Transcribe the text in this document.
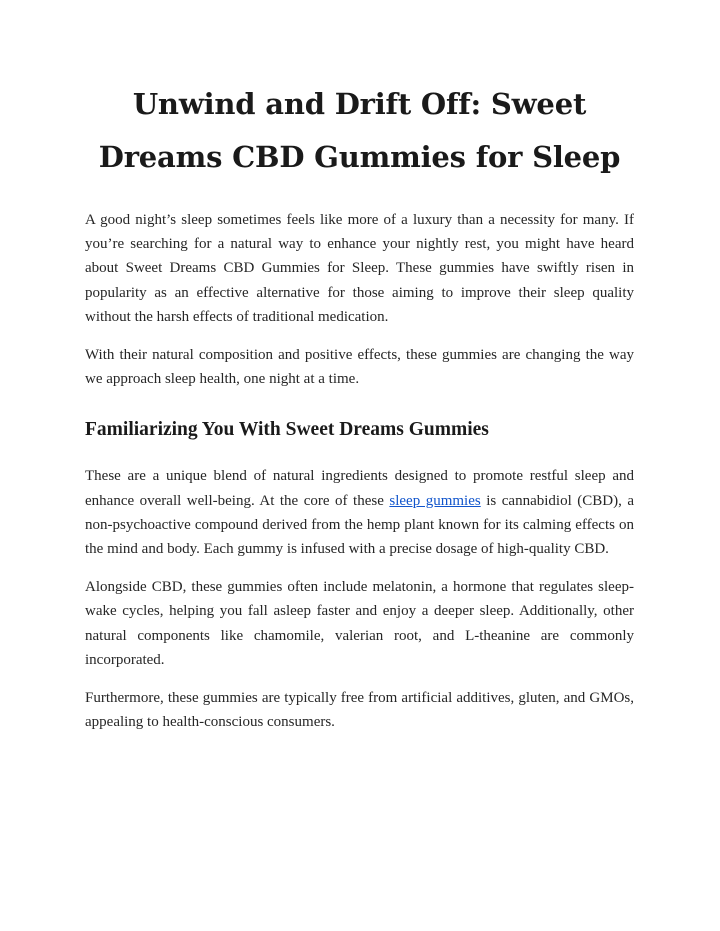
Unwind and Drift Off: Sweet Dreams CBD Gummies for Sleep

A good night’s sleep sometimes feels like more of a luxury than a necessity for many. If you’re searching for a natural way to enhance your nightly rest, you might have heard about Sweet Dreams CBD Gummies for Sleep. These gummies have swiftly risen in popularity as an effective alternative for those aiming to improve their sleep quality without the harsh effects of traditional medication.

With their natural composition and positive effects, these gummies are changing the way we approach sleep health, one night at a time.

Familiarizing You With Sweet Dreams Gummies

These are a unique blend of natural ingredients designed to promote restful sleep and enhance overall well-being. At the core of these sleep gummies is cannabidiol (CBD), a non-psychoactive compound derived from the hemp plant known for its calming effects on the mind and body. Each gummy is infused with a precise dosage of high-quality CBD.

Alongside CBD, these gummies often include melatonin, a hormone that regulates sleep-wake cycles, helping you fall asleep faster and enjoy a deeper sleep. Additionally, other natural components like chamomile, valerian root, and L-theanine are commonly incorporated.

Furthermore, these gummies are typically free from artificial additives, gluten, and GMOs, appealing to health-conscious consumers.
